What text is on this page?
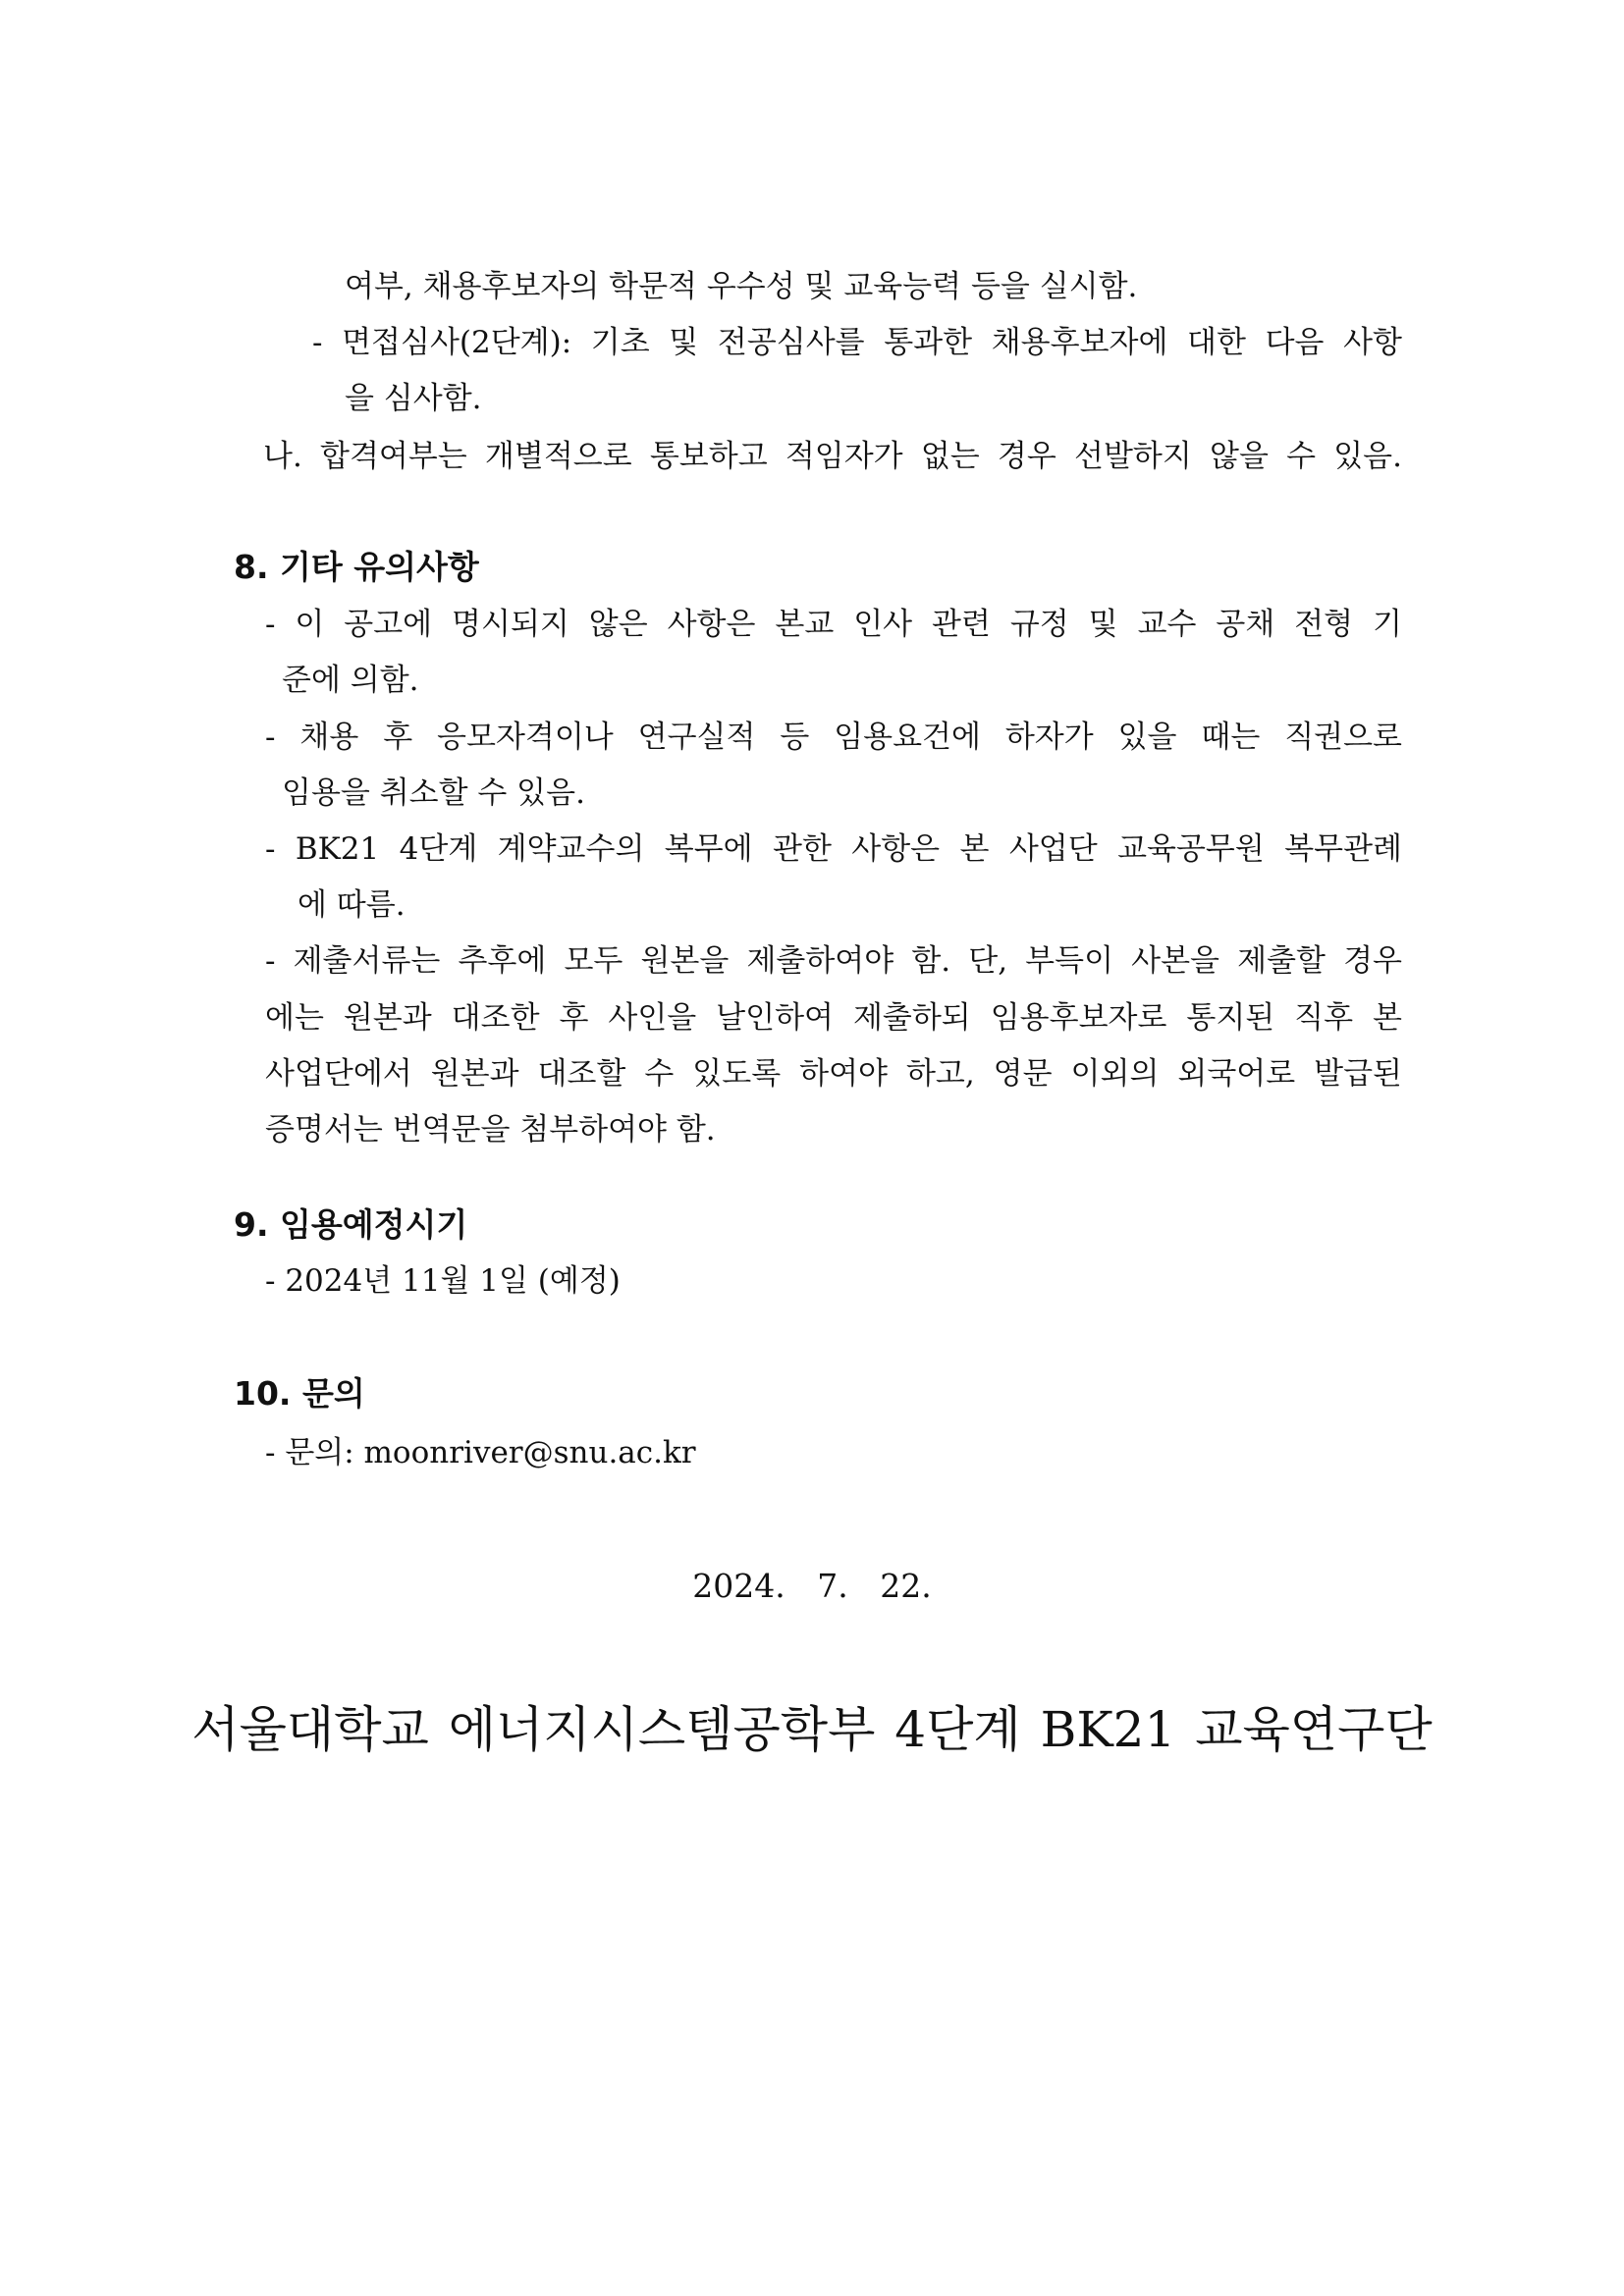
여부, 채용후보자의 학문적 우수성 및 교육능력 등을 실시함.
- 면접심사(2단계): 기초 및 전공심사를 통과한 채용후보자에 대한 다음 사항
을 심사함.
나. 합격여부는 개별적으로 통보하고 적임자가 없는 경우 선발하지 않을 수 있음.
8. 기타 유의사항
- 이 공고에 명시되지 않은 사항은 본교 인사 관련 규정 및 교수 공채 전형 기
준에 의함.
- 채용 후 응모자격이나 연구실적 등 임용요건에 하자가 있을 때는 직권으로
임용을 취소할 수 있음.
- BK21 4단계 계약교수의 복무에 관한 사항은 본 사업단 교육공무원 복무관례
에 따름.
- 제출서류는 추후에 모두 원본을 제출하여야 함. 단, 부득이 사본을 제출할 경우
에는 원본과 대조한 후 사인을 날인하여 제출하되 임용후보자로 통지된 직후 본
사업단에서 원본과 대조할 수 있도록 하여야 하고, 영문 이외의 외국어로 발급된
증명서는 번역문을 첨부하여야 함.
9. 임용예정시기
- 2024년 11월 1일 (예정)
10. 문의
- 문의: moonriver@snu.ac.kr
2024. 7. 22.
서울대학교 에너지시스템공학부 4단계 BK21 교육연구단
